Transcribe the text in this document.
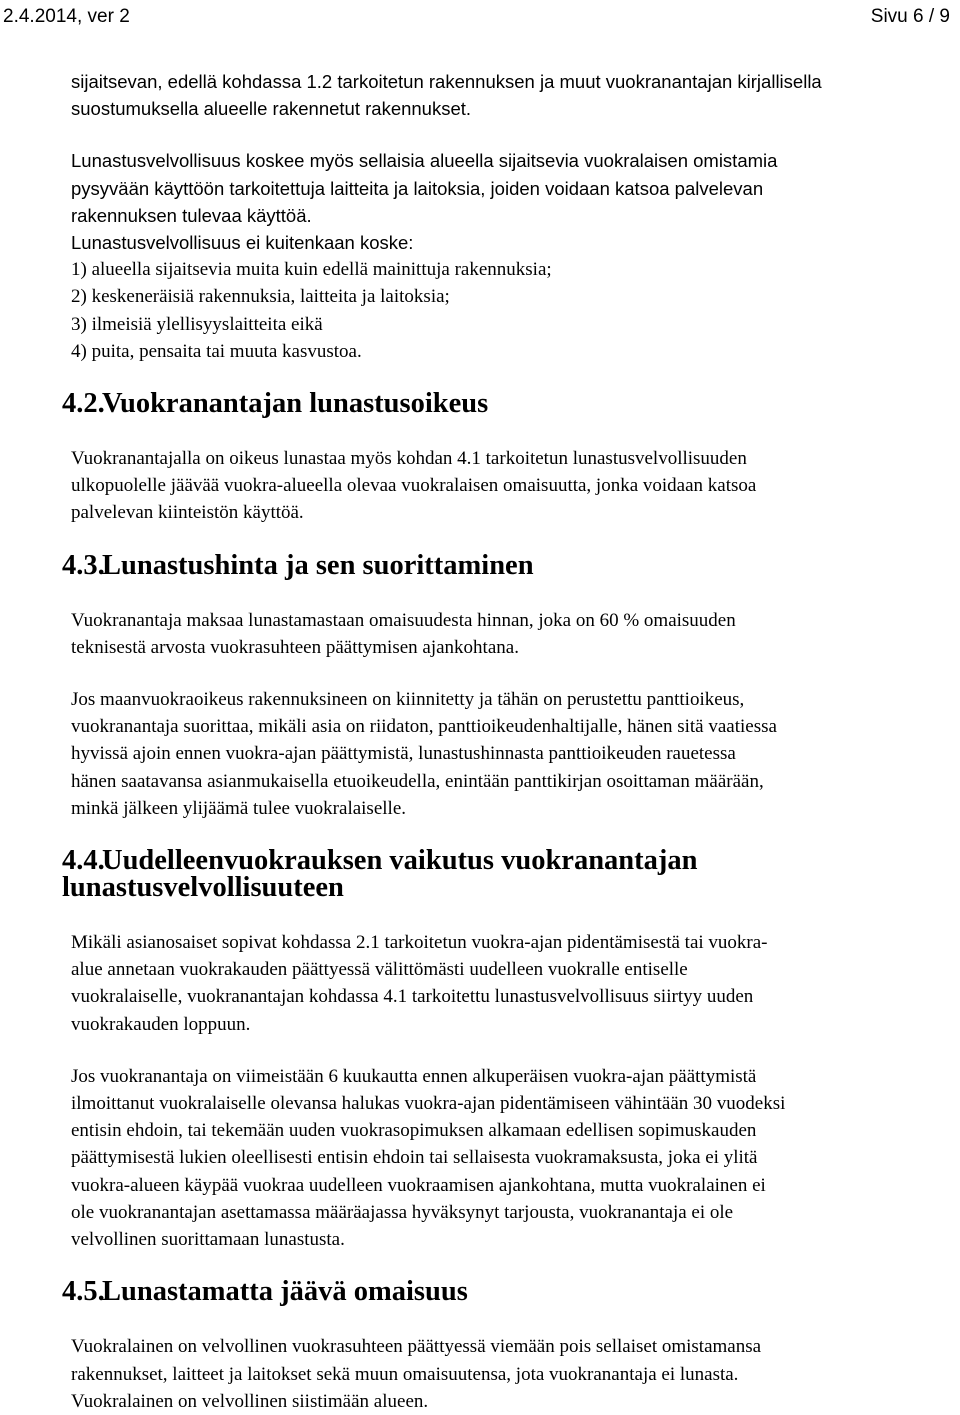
2.4.2014, ver 2	Sivu 6 / 9

sijaitsevan, edellä kohdassa 1.2 tarkoitetun rakennuksen ja muut vuokranantajan kirjallisella
suostumuksella alueelle rakennetut rakennukset.

Lunastusvelvollisuus koskee myös sellaisia alueella sijaitsevia vuokralaisen omistamia
pysyvään käyttöön tarkoitettuja laitteita ja laitoksia, joiden voidaan katsoa palvelevan
rakennuksen tulevaa käyttöä.
Lunastusvelvollisuus ei kuitenkaan koske:

1) alueella sijaitsevia muita kuin edellä mainittuja rakennuksia;
2) keskeneräisiä rakennuksia, laitteita ja laitoksia;
3) ilmeisiä ylellisyyslaitteita eikä
4) puita, pensaita tai muuta kasvustoa.
4.2.Vuokranantajan lunastusoikeus

Vuokranantajalla on oikeus lunastaa myös kohdan 4.1 tarkoitetun lunastusvelvollisuuden
ulkopuolelle jäävää vuokra-alueella olevaa vuokralaisen omaisuutta, jonka voidaan katsoa
palvelevan kiinteistön käyttöä.

4.3.Lunastushinta ja sen suorittaminen

Vuokranantaja maksaa lunastamastaan omaisuudesta hinnan, joka on 60 % omaisuuden
teknisestä arvosta vuokrasuhteen päättymisen ajankohtana.

Jos maanvuokraoikeus rakennuksineen on kiinnitetty ja tähän on perustettu panttioikeus,
vuokranantaja suorittaa, mikäli asia on riidaton, panttioikeudenhaltijalle, hänen sitä vaatiessa
hyvissä ajoin ennen vuokra-ajan päättymistä, lunastushinnasta panttioikeuden rauetessa
hänen saatavansa asianmukaisella etuoikeudella, enintään panttikirjan osoittaman määrään,
minkä jälkeen ylijäämä tulee vuokralaiselle.

4.4.Uudelleenvuokrauksen vaikutus vuokranantajan lunastusvelvollisuuteen

Mikäli asianosaiset sopivat kohdassa 2.1 tarkoitetun vuokra-ajan pidentämisestä tai vuokra-
alue annetaan vuokrakauden päättyessä välittömästi uudelleen vuokralle entiselle
vuokralaiselle, vuokranantajan kohdassa 4.1 tarkoitettu lunastusvelvollisuus siirtyy uuden
vuokrakauden loppuun.

Jos vuokranantaja on viimeistään 6 kuukautta ennen alkuperäisen vuokra-ajan päättymistä
ilmoittanut vuokralaiselle olevansa halukas vuokra-ajan pidentämiseen vähintään 30 vuodeksi
entisin ehdoin, tai tekemään uuden vuokrasopimuksen alkamaan edellisen sopimuskauden
päättymisestä lukien oleellisesti entisin ehdoin tai sellaisesta vuokramaksusta, joka ei ylitä
vuokra-alueen käypää vuokraa uudelleen vuokraamisen ajankohtana, mutta vuokralainen ei
ole vuokranantajan asettamassa määräajassa hyväksynyt tarjousta, vuokranantaja ei ole
velvollinen suorittamaan lunastusta.

4.5.Lunastamatta jäävä omaisuus

Vuokralainen on velvollinen vuokrasuhteen päättyessä viemään pois sellaiset omistamansa
rakennukset, laitteet ja laitokset sekä muun omaisuutensa, jota vuokranantaja ei lunasta.
Vuokralainen on velvollinen siistimään alueen.
